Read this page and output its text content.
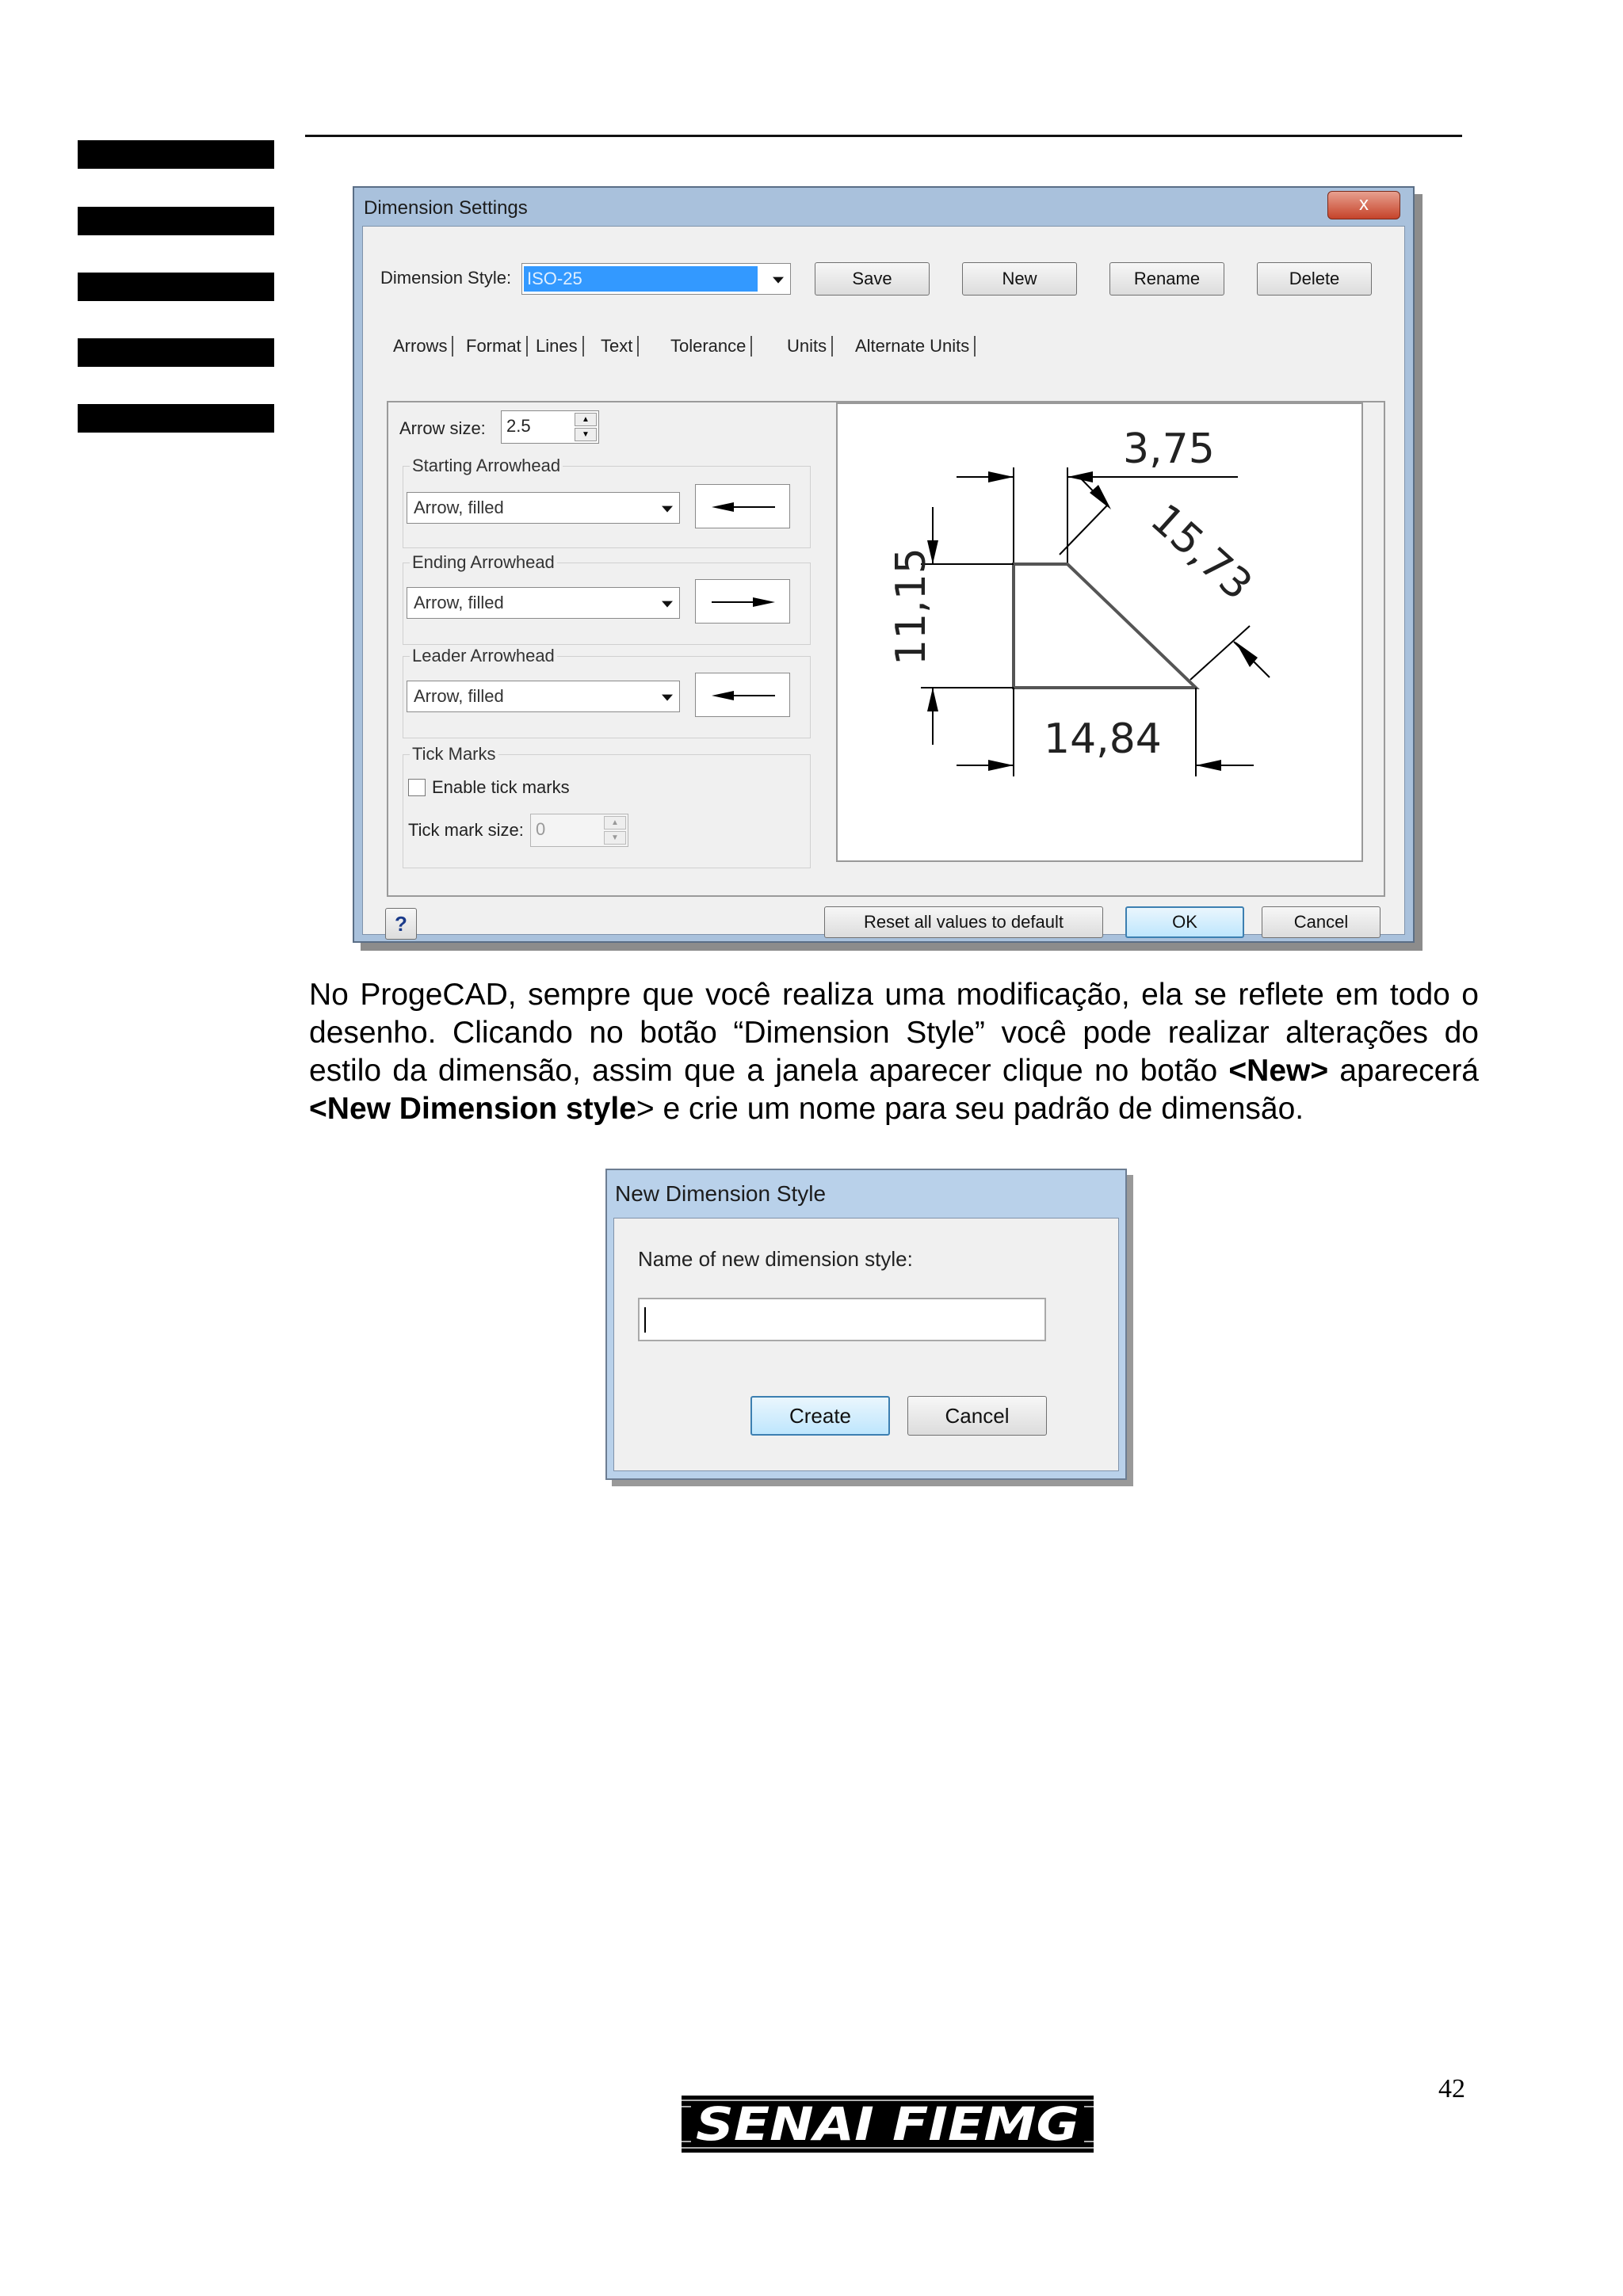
Dimension Settings	x
Dimension Style: ISO-25	Save	New	Rename	Delete
Arrows	Format Lines	Text	Tolerance	Units	Alternate Units
Arrow size: 2.5	▲
▼
Starting Arrowhead
Arrow, filled
Ending Arrowhead
Arrow, filled
Leader Arrowhead
Arrow, filled
Tick Marks
Enable tick marks
Tick mark size: 0	▲
▼
3,75
15,73
11,15
14,84
?	Reset all values to default	OK	Cancel
No ProgeCAD, sempre que você realiza uma modificação, ela se reflete em todo o desenho. Clicando no botão “Dimension Style” você pode realizar alterações do estilo da dimensão, assim que a janela aparecer clique no botão <New> aparecerá <New Dimension style> e crie um nome para seu padrão de dimensão.
New Dimension Style
Name of new dimension style:
Create	Cancel
42
SENAI FIEMG
